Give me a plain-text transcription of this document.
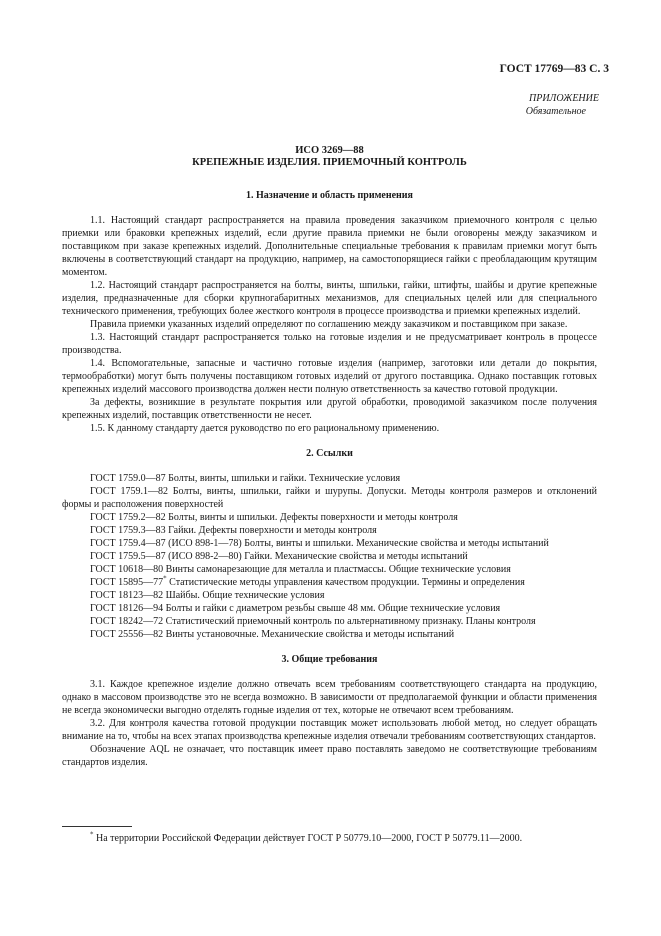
ГОСТ 17769—83 С. 3
ПРИЛОЖЕНИЕ
Обязательное
ИСО 3269—88
КРЕПЕЖНЫЕ ИЗДЕЛИЯ. ПРИЕМОЧНЫЙ КОНТРОЛЬ
1. Назначение и область применения

1.1. Настоящий стандарт распространяется на правила проведения заказчиком приемочного контроля с целью приемки или браковки крепежных изделий, если другие правила приемки не были оговорены между заказчиком и поставщиком при заказе крепежных изделий. Дополнительные специальные требования к правилам приемки могут быть включены в соответствующий стандарт на продукцию, например, на самостопорящиеся гайки с преобладающим крутящим моментом.

1.2. Настоящий стандарт распространяется на болты, винты, шпильки, гайки, штифты, шайбы и другие крепежные изделия, предназначенные для сборки крупногабаритных механизмов, для специальных целей или для специального технического применения, требующих более жесткого контроля в процессе производства и приемки крепежных изделий.

Правила приемки указанных изделий определяют по соглашению между заказчиком и поставщиком при заказе.

1.3. Настоящий стандарт распространяется только на готовые изделия и не предусматривает контроль в процессе производства.

1.4. Вспомогательные, запасные и частично готовые изделия (например, заготовки или детали до покрытия, термообработки) могут быть получены поставщиком готовых изделий от другого поставщика. Однако поставщик готовых крепежных изделий массового производства должен нести полную ответственность за качество готовой продукции.

За дефекты, возникшие в результате покрытия или другой обработки, проводимой заказчиком после получения крепежных изделий, поставщик ответственности не несет.

1.5. К данному стандарту дается руководство по его рациональному применению.

2. Ссылки
ГОСТ 1759.0—87 Болты, винты, шпильки и гайки. Технические условия
ГОСТ 1759.1—82 Болты, винты, шпильки, гайки и шурупы. Допуски. Методы контроля размеров и отклонений формы и расположения поверхностей
ГОСТ 1759.2—82 Болты, винты и шпильки. Дефекты поверхности и методы контроля
ГОСТ 1759.3—83 Гайки. Дефекты поверхности и методы контроля
ГОСТ 1759.4—87 (ИСО 898-1—78) Болты, винты и шпильки. Механические свойства и методы испытаний
ГОСТ 1759.5—87 (ИСО 898-2—80) Гайки. Механические свойства и методы испытаний
ГОСТ 10618—80 Винты самонарезающие для металла и пластмассы. Общие технические условия
ГОСТ 15895—77* Статистические методы управления качеством продукции. Термины и определения
ГОСТ 18123—82 Шайбы. Общие технические условия
ГОСТ 18126—94 Болты и гайки с диаметром резьбы свыше 48 мм. Общие технические условия
ГОСТ 18242—72 Статистический приемочный контроль по альтернативному признаку. Планы контроля
ГОСТ 25556—82 Винты установочные. Механические свойства и методы испытаний
3. Общие требования

3.1. Каждое крепежное изделие должно отвечать всем требованиям соответствующего стандарта на продукцию, однако в массовом производстве это не всегда возможно. В зависимости от предполагаемой функции и области применения не всегда экономически выгодно отделять годные изделия от тех, которые не отвечают всем требованиям.

3.2. Для контроля качества готовой продукции поставщик может использовать любой метод, но следует обращать внимание на то, чтобы на всех этапах производства крепежные изделия отвечали требованиям соответствующих стандартов.

Обозначение AQL не означает, что поставщик имеет право поставлять заведомо не соответствующие требованиям стандартов изделия.

* На территории Российской Федерации действует ГОСТ Р 50779.10—2000, ГОСТ Р 50779.11—2000.
